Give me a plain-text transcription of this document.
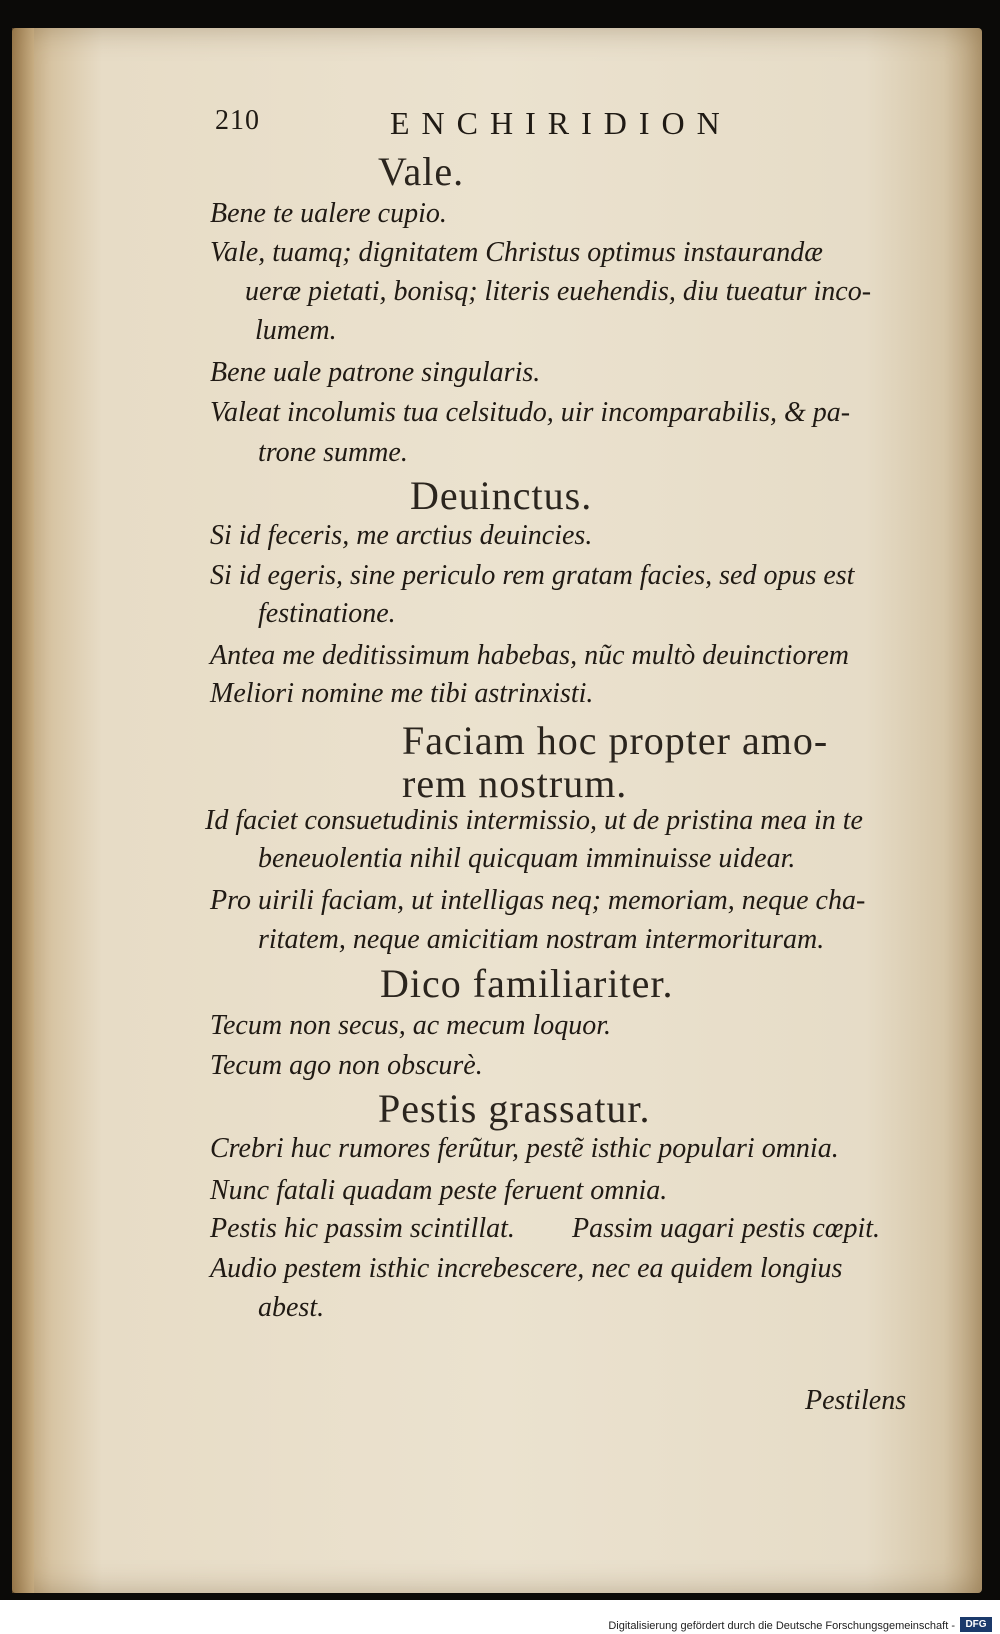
210	ENCHIRIDION
Vale.
Bene te ualere cupio.
Vale, tuamq; dignitatem Christus optimus instaurandæ
ueræ pietati, bonisq; literis euehendis, diu tueatur inco-
lumem.
Bene uale patrone singularis.
Valeat incolumis tua celsitudo, uir incomparabilis, & pa-
trone summe.
Deuinctus.
Si id feceris, me arctius deuincies.
Si id egeris, sine periculo rem gratam facies, sed opus est
festinatione.
Antea me deditissimum habebas, nũc multò deuinctiorem
Meliori nomine me tibi astrinxisti.
Faciam hoc propter amo-
rem nostrum.
Id faciet consuetudinis intermissio, ut de pristina mea in te
beneuolentia nihil quicquam imminuisse uidear.
Pro uirili faciam, ut intelligas neq; memoriam, neque cha-
ritatem, neque amicitiam nostram intermorituram.
Dico familiariter.
Tecum non secus, ac mecum loquor.
Tecum ago non obscurè.
Pestis grassatur.
Crebri huc rumores ferũtur, pestẽ isthic populari omnia.
Nunc fatali quadam peste feruent omnia.
Pestis hic passim scintillat. Passim uagari pestis cœpit.
Audio pestem isthic increbescere, nec ea quidem longius
abest.
Pestilens
Digitalisierung gefördert durch die Deutsche Forschungsgemeinschaft -	DFG
